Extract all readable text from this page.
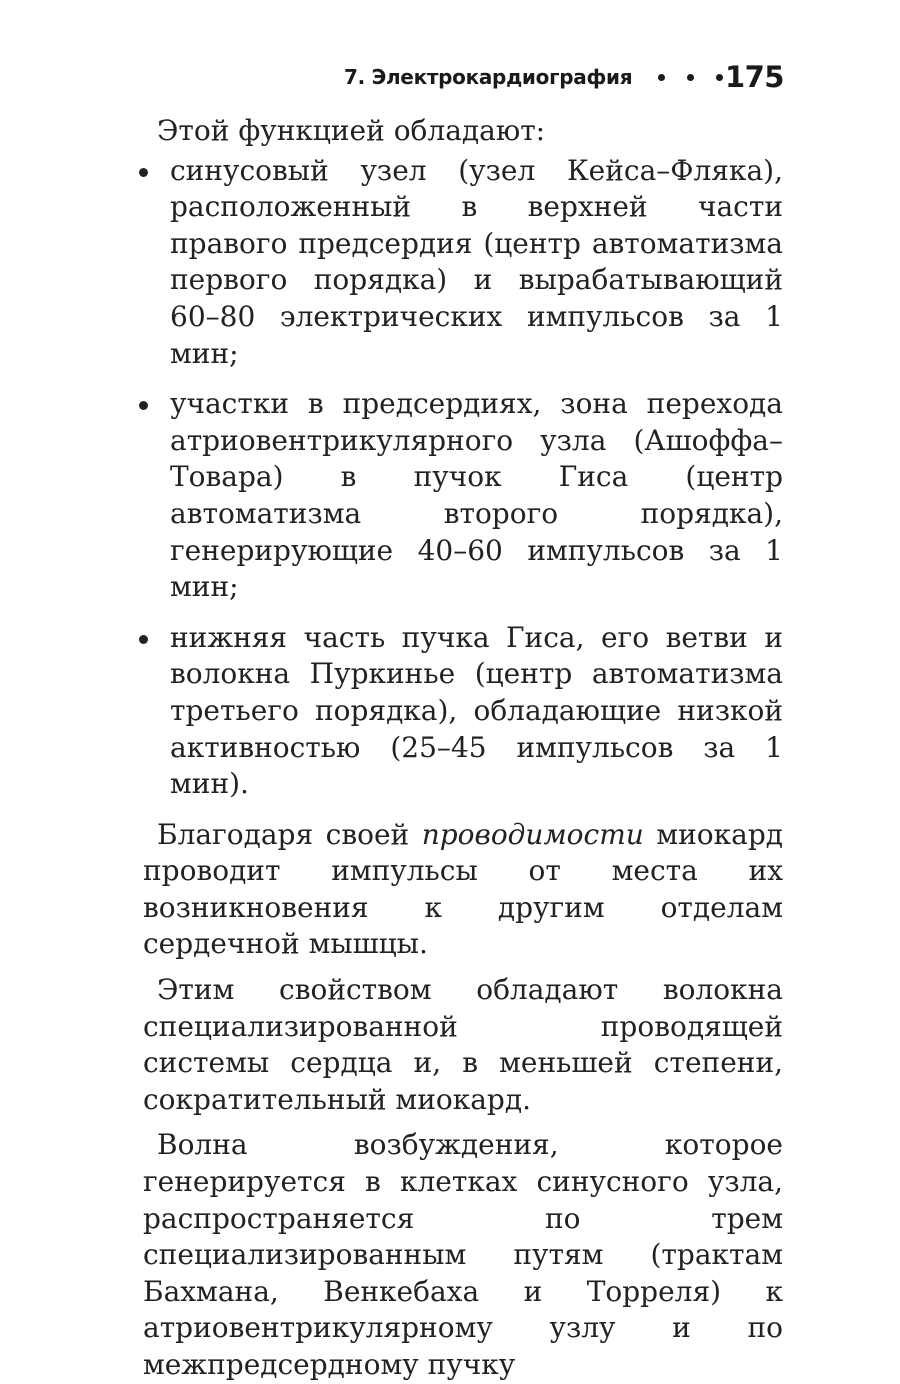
7. Электрокардиография	175

Этой функцией обладают:

синусовый узел (узел Кейса–Фляка), расположенный в верхней части правого предсердия (центр автоматизма первого порядка) и вырабатывающий 60–80 электрических импульсов за 1 мин;
участки в предсердиях, зона перехода атриовентрикулярного узла (Ашоффа–Товара) в пучок Гиса (центр автоматизма второго порядка), генерирующие 40–60 импульсов за 1 мин;
нижняя часть пучка Гиса, его ветви и волокна Пуркинье (центр автоматизма третьего порядка), обладающие низкой активностью (25–45 импульсов за 1 мин).

Благодаря своей проводимости миокард проводит импульсы от места их возникновения к другим отделам сердечной мышцы.

Этим свойством обладают волокна специализированной проводящей системы сердца и, в меньшей степени, сократительный миокард.

Волна возбуждения, которое генерируется в клетках синусного узла, распространяется по трем специализированным путям (трактам Бахмана, Венкебаха и Торреля) к атриовентрикулярному узлу и по межпредсердному пучку
